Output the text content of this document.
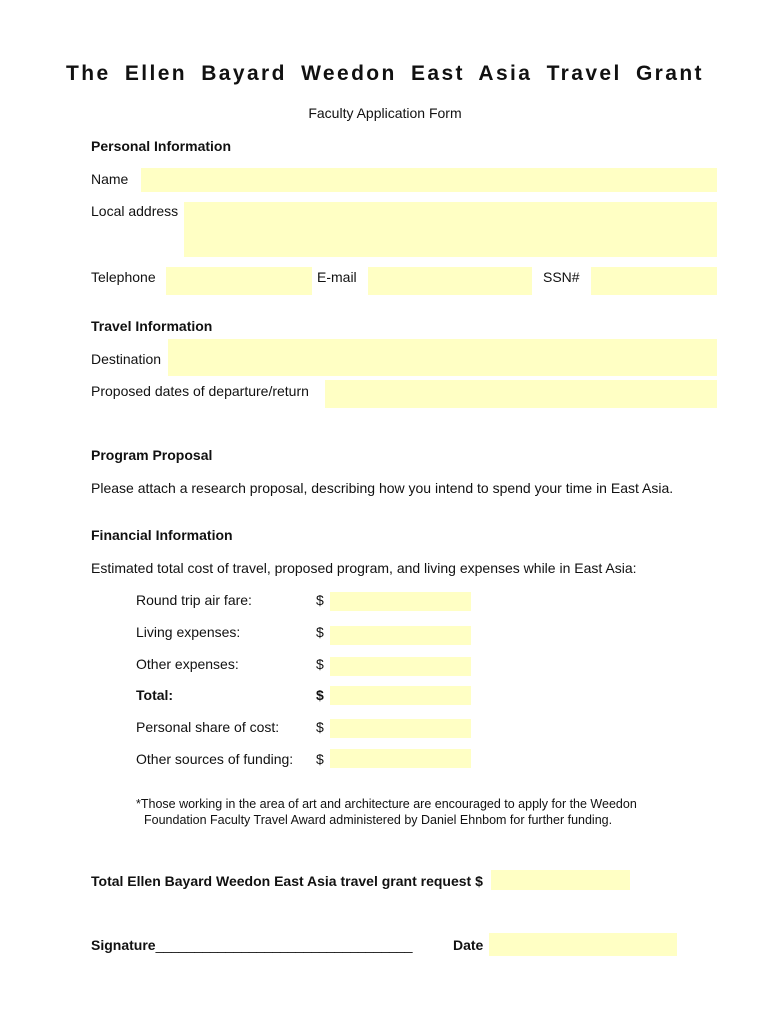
The Ellen Bayard Weedon East Asia Travel Grant
Faculty Application Form
Personal Information
Name
Local address
Telephone	E-mail	SSN#
Travel Information
Destination
Proposed dates of departure/return
Program Proposal
Please attach a research proposal, describing how you intend to spend your time in East Asia.
Financial Information
Estimated total cost of travel, proposed program, and living expenses while in East Asia:
Round trip air fare:	$
Living expenses:	$
Other expenses:	$
Total:	$
Personal share of cost:	$
Other sources of funding: $
*Those working in the area of art and architecture are encouraged to apply for the Weedon
Foundation Faculty Travel Award administered by Daniel Ehnbom for further funding.
Total Ellen Bayard Weedon East Asia travel grant request $
Signature_________________________________	Date
